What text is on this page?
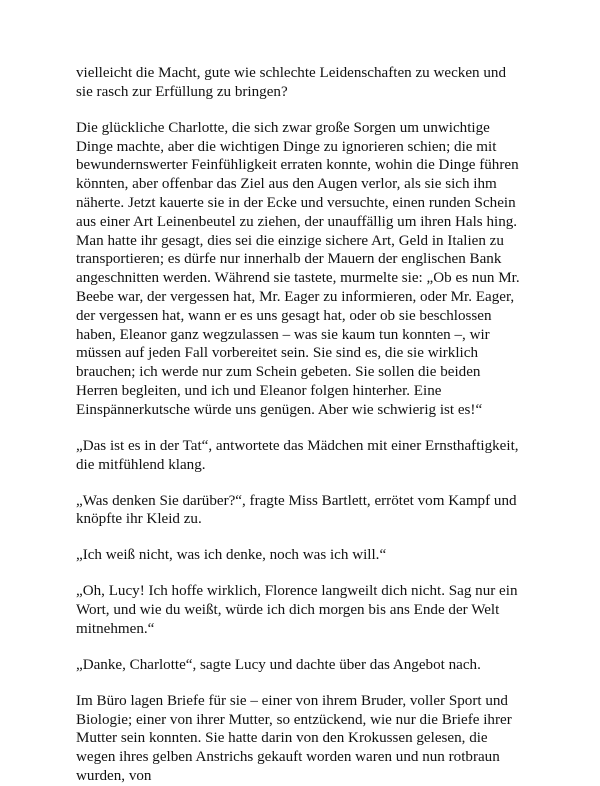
vielleicht die Macht, gute wie schlechte Leidenschaften zu wecken und sie rasch zur Erfüllung zu bringen?

Die glückliche Charlotte, die sich zwar große Sorgen um unwichtige Dinge machte, aber die wichtigen Dinge zu ignorieren schien; die mit bewundernswerter Feinfühligkeit erraten konnte, wohin die Dinge führen könnten, aber offenbar das Ziel aus den Augen verlor, als sie sich ihm näherte. Jetzt kauerte sie in der Ecke und versuchte, einen runden Schein aus einer Art Leinenbeutel zu ziehen, der unauffällig um ihren Hals hing. Man hatte ihr gesagt, dies sei die einzige sichere Art, Geld in Italien zu transportieren; es dürfe nur innerhalb der Mauern der englischen Bank angeschnitten werden. Während sie tastete, murmelte sie: „Ob es nun Mr. Beebe war, der vergessen hat, Mr. Eager zu informieren, oder Mr. Eager, der vergessen hat, wann er es uns gesagt hat, oder ob sie beschlossen haben, Eleanor ganz wegzulassen – was sie kaum tun konnten –, wir müssen auf jeden Fall vorbereitet sein. Sie sind es, die sie wirklich brauchen; ich werde nur zum Schein gebeten. Sie sollen die beiden Herren begleiten, und ich und Eleanor folgen hinterher. Eine Einspännerkutsche würde uns genügen. Aber wie schwierig ist es!“

„Das ist es in der Tat“, antwortete das Mädchen mit einer Ernsthaftigkeit, die mitfühlend klang.

„Was denken Sie darüber?“, fragte Miss Bartlett, errötet vom Kampf und knöpfte ihr Kleid zu.

„Ich weiß nicht, was ich denke, noch was ich will.“

„Oh, Lucy! Ich hoffe wirklich, Florence langweilt dich nicht. Sag nur ein Wort, und wie du weißt, würde ich dich morgen bis ans Ende der Welt mitnehmen.“

„Danke, Charlotte“, sagte Lucy und dachte über das Angebot nach.

Im Büro lagen Briefe für sie – einer von ihrem Bruder, voller Sport und Biologie; einer von ihrer Mutter, so entzückend, wie nur die Briefe ihrer Mutter sein konnten. Sie hatte darin von den Krokussen gelesen, die wegen ihres gelben Anstrichs gekauft worden waren und nun rotbraun wurden, von
